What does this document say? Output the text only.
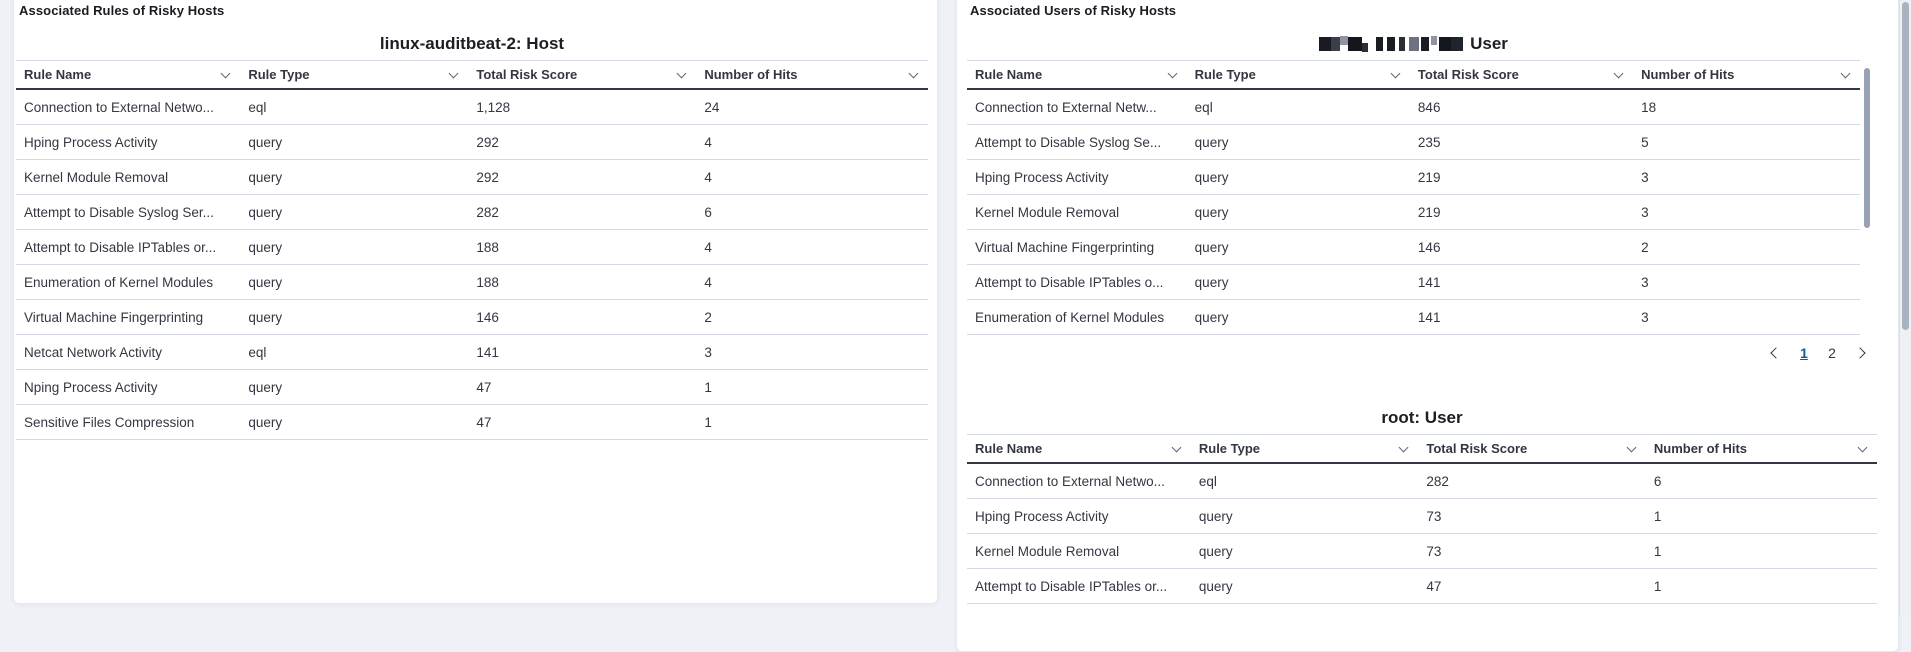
Associated Rules of Risky Hosts
linux-auditbeat-2: Host
Rule Name	Rule Type	Total Risk Score	Number of Hits

Connection to External Netwo...	eql	1,128	24
Hping Process Activity	query	292	4
Kernel Module Removal	query	292	4
Attempt to Disable Syslog Ser...	query	282	6
Attempt to Disable IPTables or...	query	188	4
Enumeration of Kernel Modules	query	188	4
Virtual Machine Fingerprinting	query	146	2
Netcat Network Activity	eql	141	3
Nping Process Activity	query	47	1
Sensitive Files Compression	query	47	1
Associated Users of Risky Hosts
User
Rule Name	Rule Type	Total Risk Score	Number of Hits

Connection to External Netw...	eql	846	18
Attempt to Disable Syslog Se...	query	235	5
Hping Process Activity	query	219	3
Kernel Module Removal	query	219	3
Virtual Machine Fingerprinting	query	146	2
Attempt to Disable IPTables o...	query	141	3
Enumeration of Kernel Modules	query	141	3
1	2
root: User
Rule Name	Rule Type	Total Risk Score	Number of Hits

Connection to External Netwo...	eql	282	6
Hping Process Activity	query	73	1
Kernel Module Removal	query	73	1
Attempt to Disable IPTables or...	query	47	1
